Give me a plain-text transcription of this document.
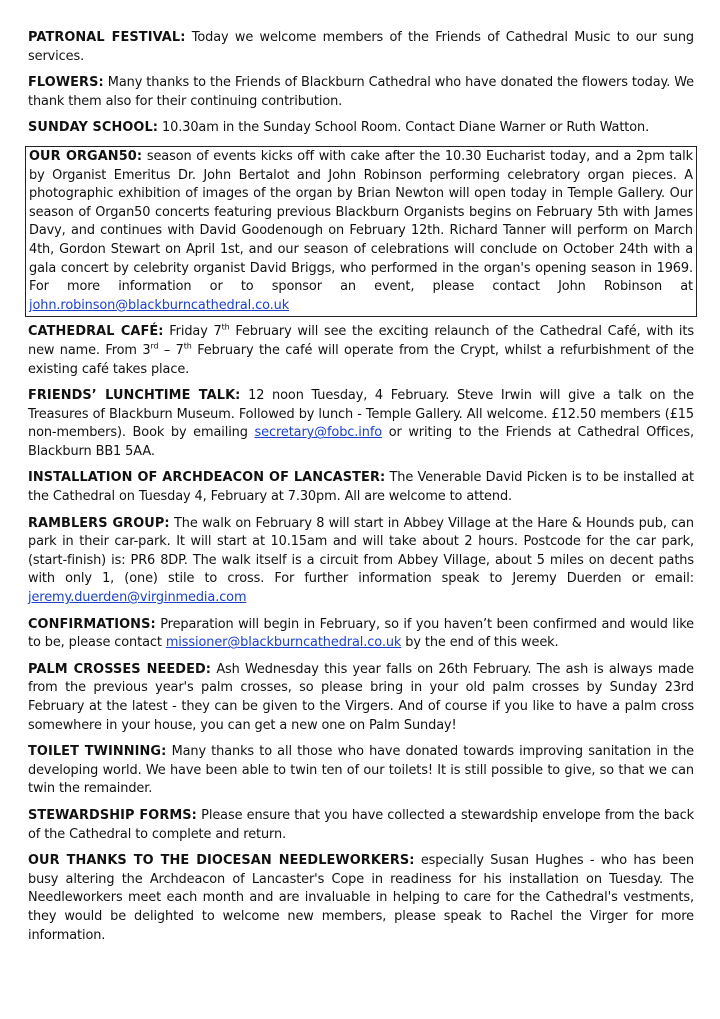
PATRONAL FESTIVAL: Today we welcome members of the Friends of Cathedral Music to our sung services.

FLOWERS: Many thanks to the Friends of Blackburn Cathedral who have donated the flowers today. We thank them also for their continuing contribution.

SUNDAY SCHOOL: 10.30am in the Sunday School Room. Contact Diane Warner or Ruth Watton.

OUR ORGAN50: season of events kicks off with cake after the 10.30 Eucharist today, and a 2pm talk by Organist Emeritus Dr. John Bertalot and John Robinson performing celebratory organ pieces. A photographic exhibition of images of the organ by Brian Newton will open today in Temple Gallery. Our season of Organ50 concerts featuring previous Blackburn Organists begins on February 5th with James Davy, and continues with David Goodenough on February 12th. Richard Tanner will perform on March 4th, Gordon Stewart on April 1st, and our season of celebrations will conclude on October 24th with a gala concert by celebrity organist David Briggs, who performed in the organ's opening season in 1969. For more information or to sponsor an event, please contact John Robinson at john.robinson@blackburncathedral.co.uk

CATHEDRAL CAFÉ: Friday 7th February will see the exciting relaunch of the Cathedral Café, with its new name. From 3rd – 7th February the café will operate from the Crypt, whilst a refurbishment of the existing café takes place.

FRIENDS’ LUNCHTIME TALK: 12 noon Tuesday, 4 February. Steve Irwin will give a talk on the Treasures of Blackburn Museum. Followed by lunch - Temple Gallery. All welcome. £12.50 members (£15 non-members). Book by emailing secretary@fobc.info or writing to the Friends at Cathedral Offices, Blackburn BB1 5AA.

INSTALLATION OF ARCHDEACON OF LANCASTER: The Venerable David Picken is to be installed at the Cathedral on Tuesday 4, February at 7.30pm. All are welcome to attend.

RAMBLERS GROUP: The walk on February 8 will start in Abbey Village at the Hare & Hounds pub, can park in their car-park. It will start at 10.15am and will take about 2 hours. Postcode for the car park, (start-finish) is: PR6 8DP. The walk itself is a circuit from Abbey Village, about 5 miles on decent paths with only 1, (one) stile to cross. For further information speak to Jeremy Duerden or email: jeremy.duerden@virginmedia.com

CONFIRMATIONS: Preparation will begin in February, so if you haven’t been confirmed and would like to be, please contact missioner@blackburncathedral.co.uk by the end of this week.

PALM CROSSES NEEDED: Ash Wednesday this year falls on 26th February. The ash is always made from the previous year's palm crosses, so please bring in your old palm crosses by Sunday 23rd February at the latest - they can be given to the Virgers. And of course if you like to have a palm cross somewhere in your house, you can get a new one on Palm Sunday!

TOILET TWINNING: Many thanks to all those who have donated towards improving sanitation in the developing world. We have been able to twin ten of our toilets! It is still possible to give, so that we can twin the remainder.

STEWARDSHIP FORMS: Please ensure that you have collected a stewardship envelope from the back of the Cathedral to complete and return.

OUR THANKS TO THE DIOCESAN NEEDLEWORKERS: especially Susan Hughes - who has been busy altering the Archdeacon of Lancaster's Cope in readiness for his installation on Tuesday. The Needleworkers meet each month and are invaluable in helping to care for the Cathedral's vestments, they would be delighted to welcome new members, please speak to Rachel the Virger for more information.
